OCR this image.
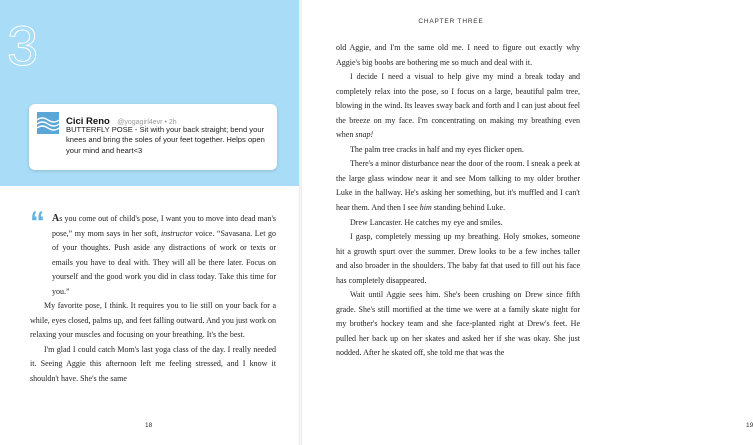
3
Cici Reno @yogagirl4evr • 2h
BUTTERFLY POSE - Sit with your back straight; bend your knees and bring the soles of your feet together. Helps open your mind and heart<3

“ As you come out of child's pose, I want you to move into dead man's pose,” my mom says in her soft, instructor voice. “Savasana. Let go of your thoughts. Push aside any distractions of work or texts or emails you have to deal with. They will all be there later. Focus on yourself and the good work you did in class today. Take this time for you.”

My favorite pose, I think. It requires you to lie still on your back for a while, eyes closed, palms up, and feet falling outward. And you just work on relaxing your muscles and focusing on your breathing. It's the best.

I'm glad I could catch Mom's last yoga class of the day. I really needed it. Seeing Aggie this afternoon left me feeling stressed, and I know it shouldn't have. She's the same

18
CHAPTER THREE

old Aggie, and I'm the same old me. I need to figure out exactly why Aggie's big boobs are bothering me so much and deal with it.

I decide I need a visual to help give my mind a break today and completely relax into the pose, so I focus on a large, beautiful palm tree, blowing in the wind. Its leaves sway back and forth and I can just about feel the breeze on my face. I'm concentrating on making my breathing even when snap!

The palm tree cracks in half and my eyes flicker open.

There's a minor disturbance near the door of the room. I sneak a peek at the large glass window near it and see Mom talking to my older brother Luke in the hallway. He's asking her something, but it's muffled and I can't hear them. And then I see him standing behind Luke.

Drew Lancaster. He catches my eye and smiles.

I gasp, completely messing up my breathing. Holy smokes, someone hit a growth spurt over the summer. Drew looks to be a few inches taller and also broader in the shoulders. The baby fat that used to fill out his face has completely disappeared.

Wait until Aggie sees him. She's been crushing on Drew since fifth grade. She's still mortified at the time we were at a family skate night for my brother's hockey team and she face-planted right at Drew's feet. He pulled her back up on her skates and asked her if she was okay. She just nodded. After he skated off, she told me that was the

19
